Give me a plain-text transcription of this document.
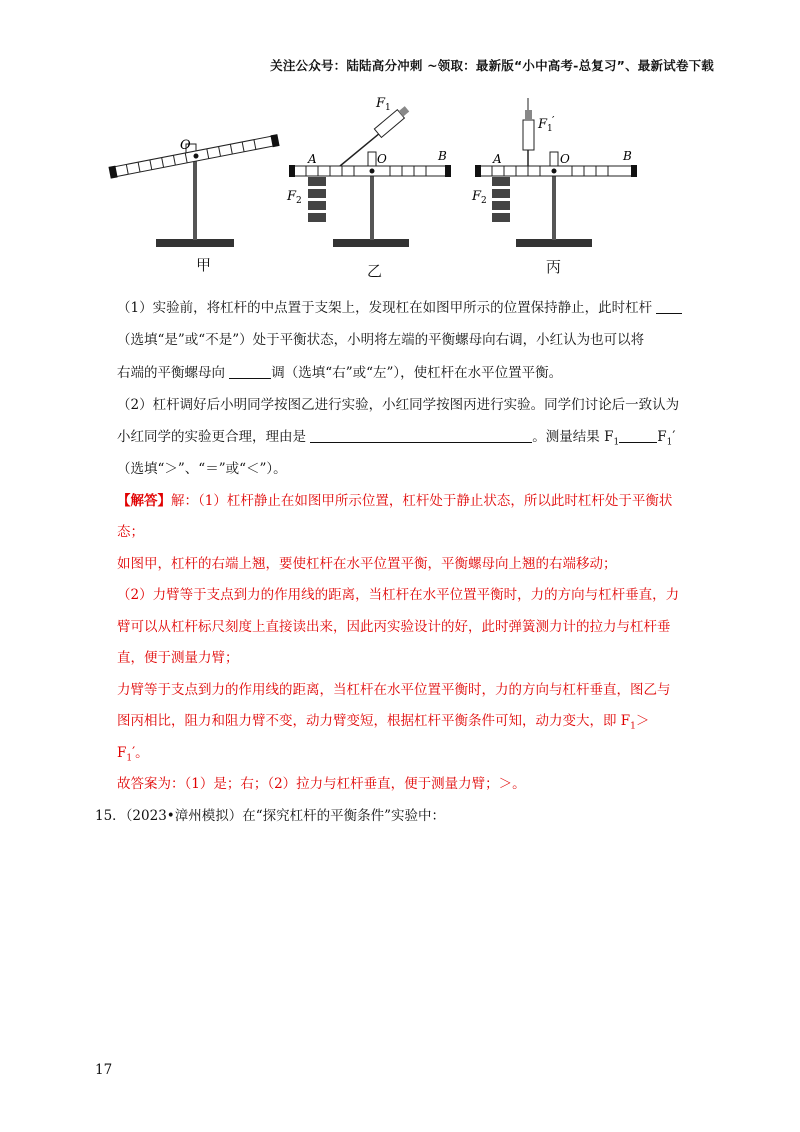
关注公众号：陆陆高分冲刺 ~领取：最新版“小中高考-总复习”、最新试卷下载
O
A	B
O
F 1
F 2
A	B
O
F 1
′
F 2
甲	乙	丙
（1）实验前，将杠杆的中点置于支架上，发现杠在如图甲所示的位置保持静止，此时杠杆
（选填“是”或“不是”）处于平衡状态，小明将左端的平衡螺母向右调，小红认为也可以将
右端的平衡螺母向	调（选填“右”或“左”），使杠杆在水平位置平衡。
（2）杠杆调好后小明同学按图乙进行实验，小红同学按图丙进行实验。同学们讨论后一致认为
小红同学的实验更合理，理由是	。测量结果 $F_1$	$F_1'$
（选填“＞”、“＝”或“＜”）。
【解答】解：（1）杠杆静止在如图甲所示位置，杠杆处于静止状态，所以此时杠杆处于平衡状
态；
如图甲，杠杆的右端上翘，要使杠杆在水平位置平衡，平衡螺母向上翘的右端移动；
（2）力臂等于支点到力的作用线的距离，当杠杆在水平位置平衡时，力的方向与杠杆垂直，力
臂可以从杠杆标尺刻度上直接读出来，因此丙实验设计的好，此时弹簧测力计的拉力与杠杆垂
直，便于测量力臂；
力臂等于支点到力的作用线的距离，当杠杆在水平位置平衡时，力的方向与杠杆垂直，图乙与
图丙相比，阻力和阻力臂不变，动力臂变短，根据杠杆平衡条件可知，动力变大，即 $F_1>$
$F_1'$。
故答案为：（1）是；右；（2）拉力与杠杆垂直，便于测量力臂；＞。
15．（2023•漳州模拟）在“探究杠杆的平衡条件”实验中：
17
